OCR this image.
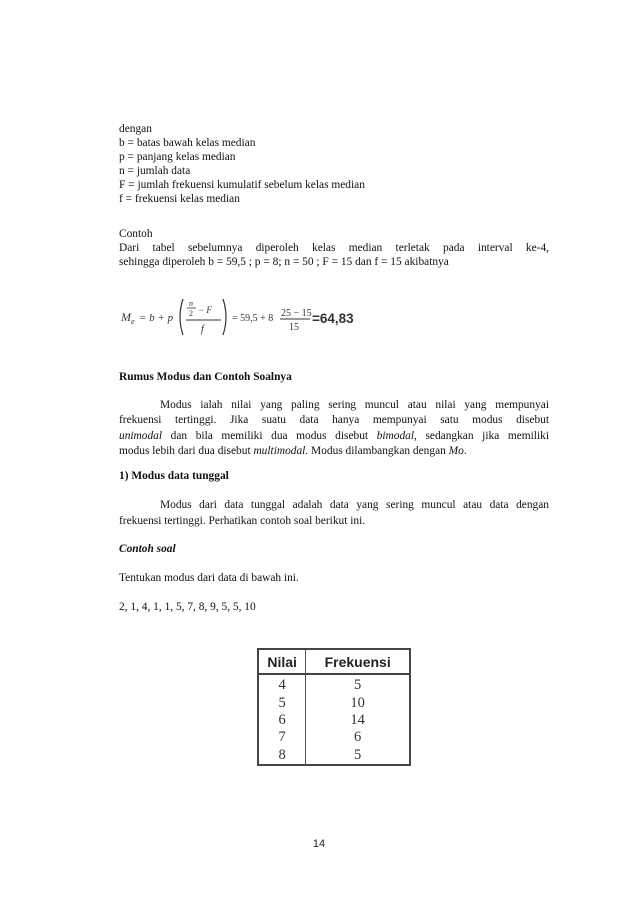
dengan
b = batas bawah kelas median
p = panjang kelas median
n = jumlah data
F = jumlah frekuensi kumulatif sebelum kelas median
f = frekuensi kelas median
Contoh
Dari tabel sebelumnya diperoleh kelas median terletak pada interval ke-4,
sehingga diperoleh b = 59,5 ; p = 8; n = 50 ; F = 15 dan f = 15 akibatnya
M e = b + p
n
2 − F
f
= 59,5 + 8 25 − 15
15
=64,83
Rumus Modus dan Contoh Soalnya
Modus ialah nilai yang paling sering muncul atau nilai yang mempunyai
frekuensi tertinggi. Jika suatu data hanya mempunyai satu modus disebut
unimodal dan bila memiliki dua modus disebut bimodal, sedangkan jika memiliki
modus lebih dari dua disebut multimodal. Modus dilambangkan dengan Mo.
1) Modus data tunggal
Modus dari data tunggal adalah data yang sering muncul atau data dengan
frekuensi tertinggi. Perhatikan contoh soal berikut ini.
Contoh soal
Tentukan modus dari data di bawah ini.
2, 1, 4, 1, 1, 5, 7, 8, 9, 5, 5, 10
Nilai	Frekuensi
4	5
5	10
6	14
7	6
8	5
14
